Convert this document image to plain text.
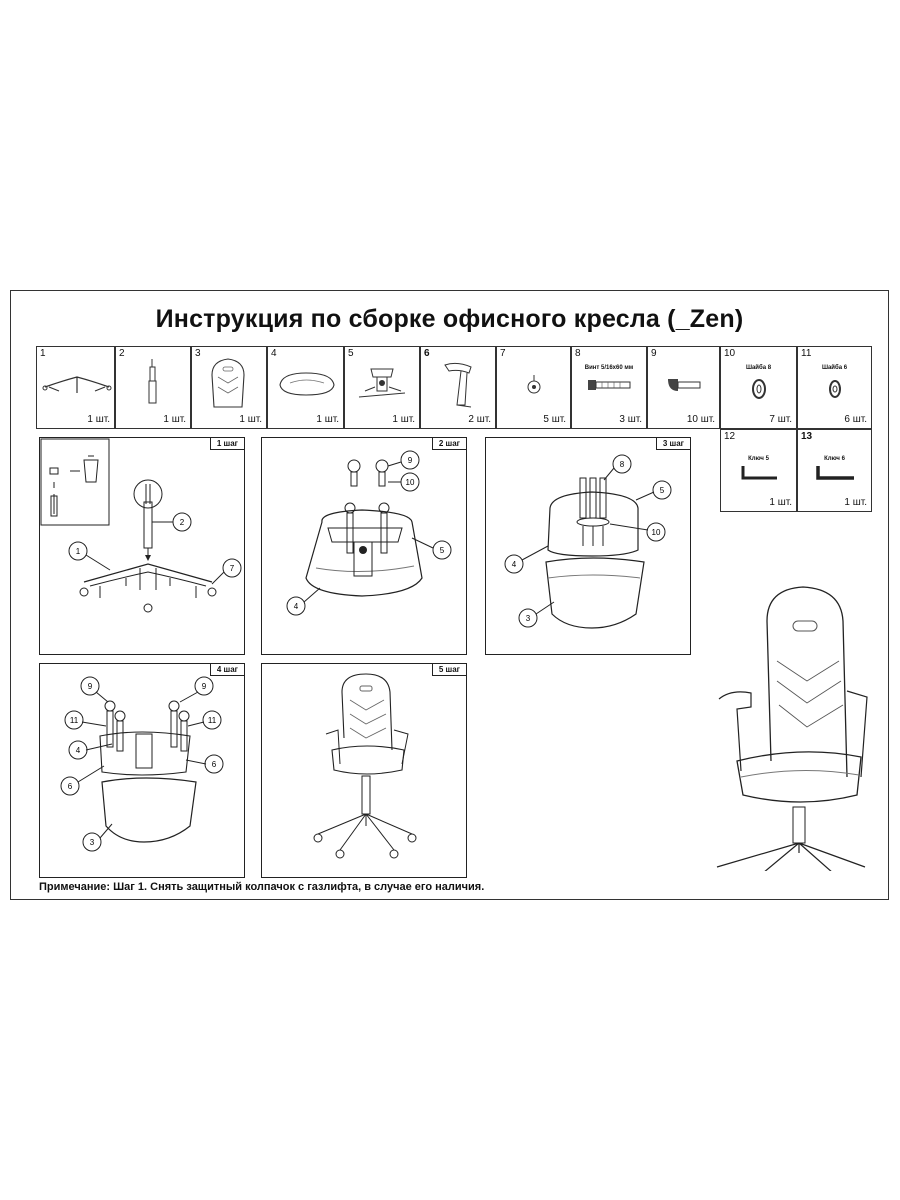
Инструкция по сборке офисного кресла (_Zen)
1
1 шт.
2
1 шт.
3
1 шт.
4
1 шт.
5
1 шт.
6
2 шт.
7
5 шт.
8
Винт 5/16х60 мм
3 шт.
9
10 шт.
10
Шайба 8
7 шт.
11
Шайба 6
6 шт.
12
Ключ 5
1 шт.
13
Ключ 6
1 шт.
1 шаг
1
2
7
2 шаг
9
10
5
4
3 шаг
8
5
10
4
3
4 шаг
9	9
11	11
4
6
6
3
5 шаг
Примечание: Шаг 1. Снять защитный колпачок с газлифта, в случае его наличия.
